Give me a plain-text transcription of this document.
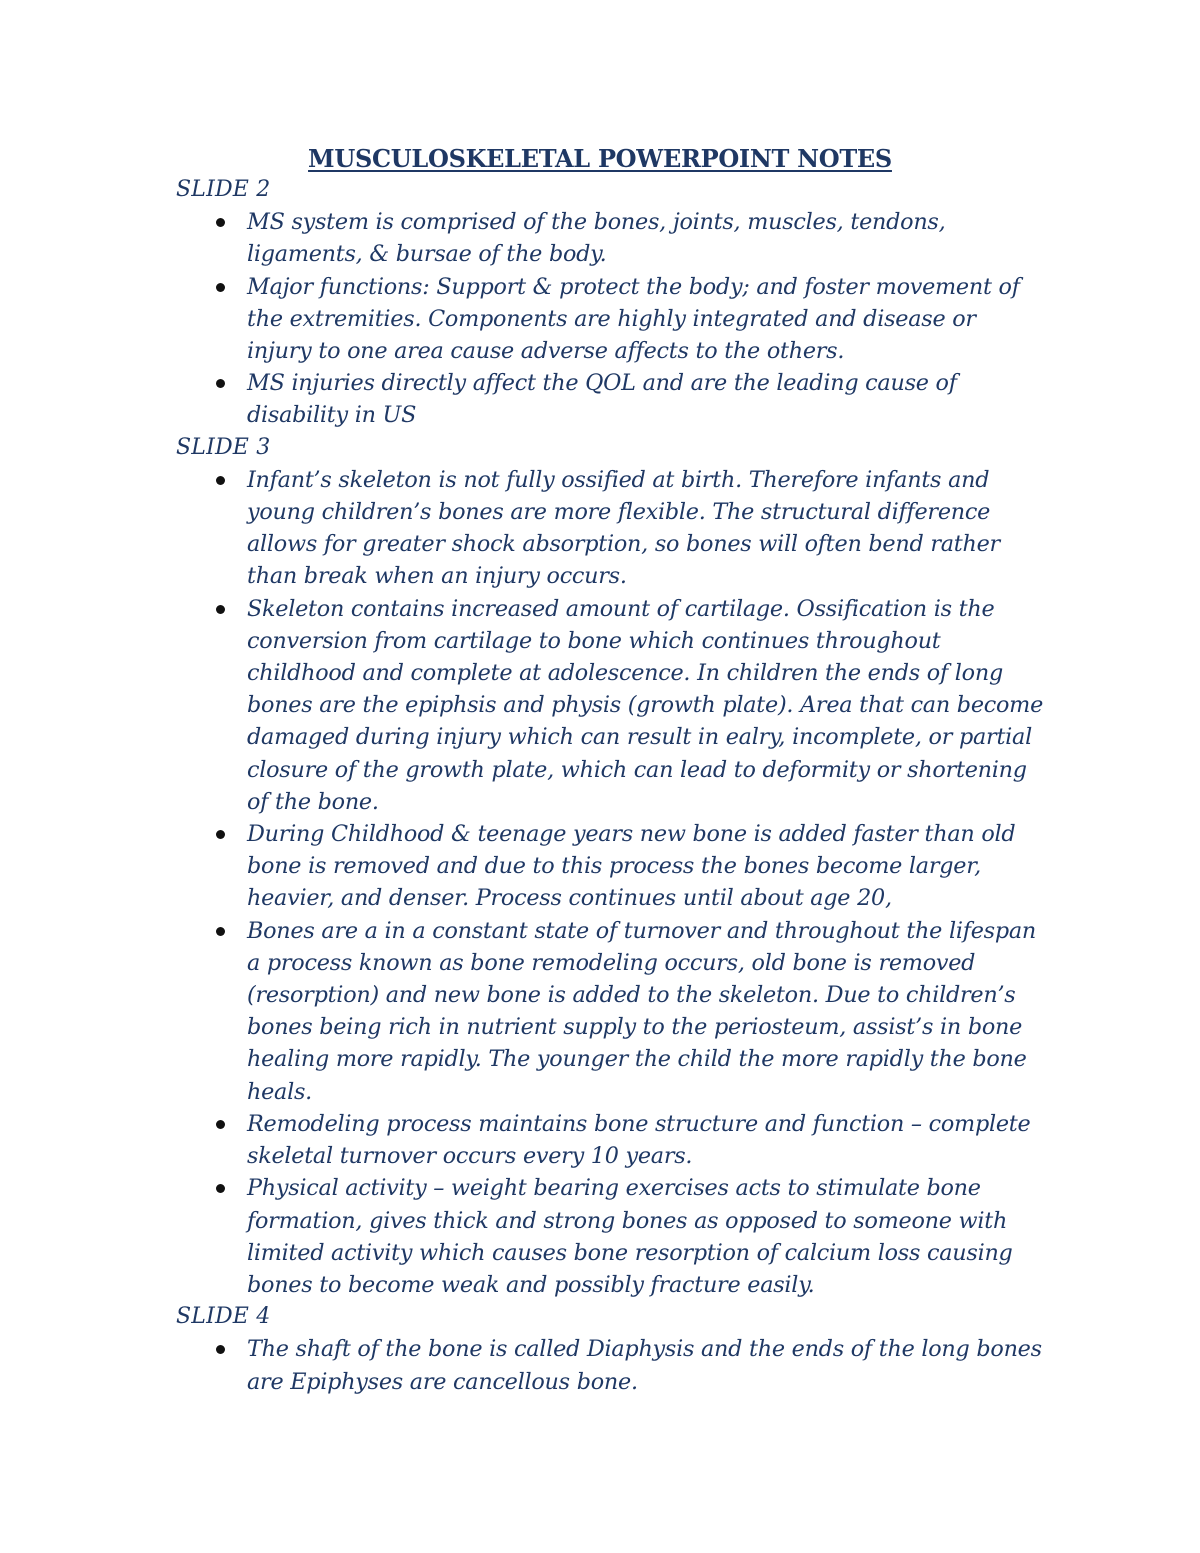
MUSCULOSKELETAL POWERPOINT NOTES

SLIDE 2

MS system is comprised of the bones, joints, muscles, tendons, ligaments, & bursae of the body.
Major functions: Support & protect the body; and foster movement of the extremities. Components are highly integrated and disease or injury to one area cause adverse affects to the others.
MS injuries directly affect the QOL and are the leading cause of disability in US

SLIDE 3

Infant’s skeleton is not fully ossified at birth. Therefore infants and young children’s bones are more flexible. The structural difference allows for greater shock absorption, so bones will often bend rather than break when an injury occurs.
Skeleton contains increased amount of cartilage. Ossification is the conversion from cartilage to bone which continues throughout childhood and complete at adolescence. In children the ends of long bones are the epiphsis and physis (growth plate). Area that can become damaged during injury which can result in ealry, incomplete, or partial closure of the growth plate, which can lead to deformity or shortening of the bone.
During Childhood & teenage years new bone is added faster than old bone is removed and due to this process the bones become larger, heavier, and denser. Process continues until about age 20,
Bones are a in a constant state of turnover and throughout the lifespan a process known as bone remodeling occurs, old bone is removed (resorption) and new bone is added to the skeleton. Due to children’s bones being rich in nutrient supply to the periosteum, assist’s in bone healing more rapidly. The younger the child the more rapidly the bone heals.
Remodeling process maintains bone structure and function – complete skeletal turnover occurs every 10 years.
Physical activity – weight bearing exercises acts to stimulate bone formation, gives thick and strong bones as opposed to someone with limited activity which causes bone resorption of calcium loss causing bones to become weak and possibly fracture easily.

SLIDE 4

The shaft of the bone is called Diaphysis and the ends of the long bones are Epiphyses are cancellous bone.
